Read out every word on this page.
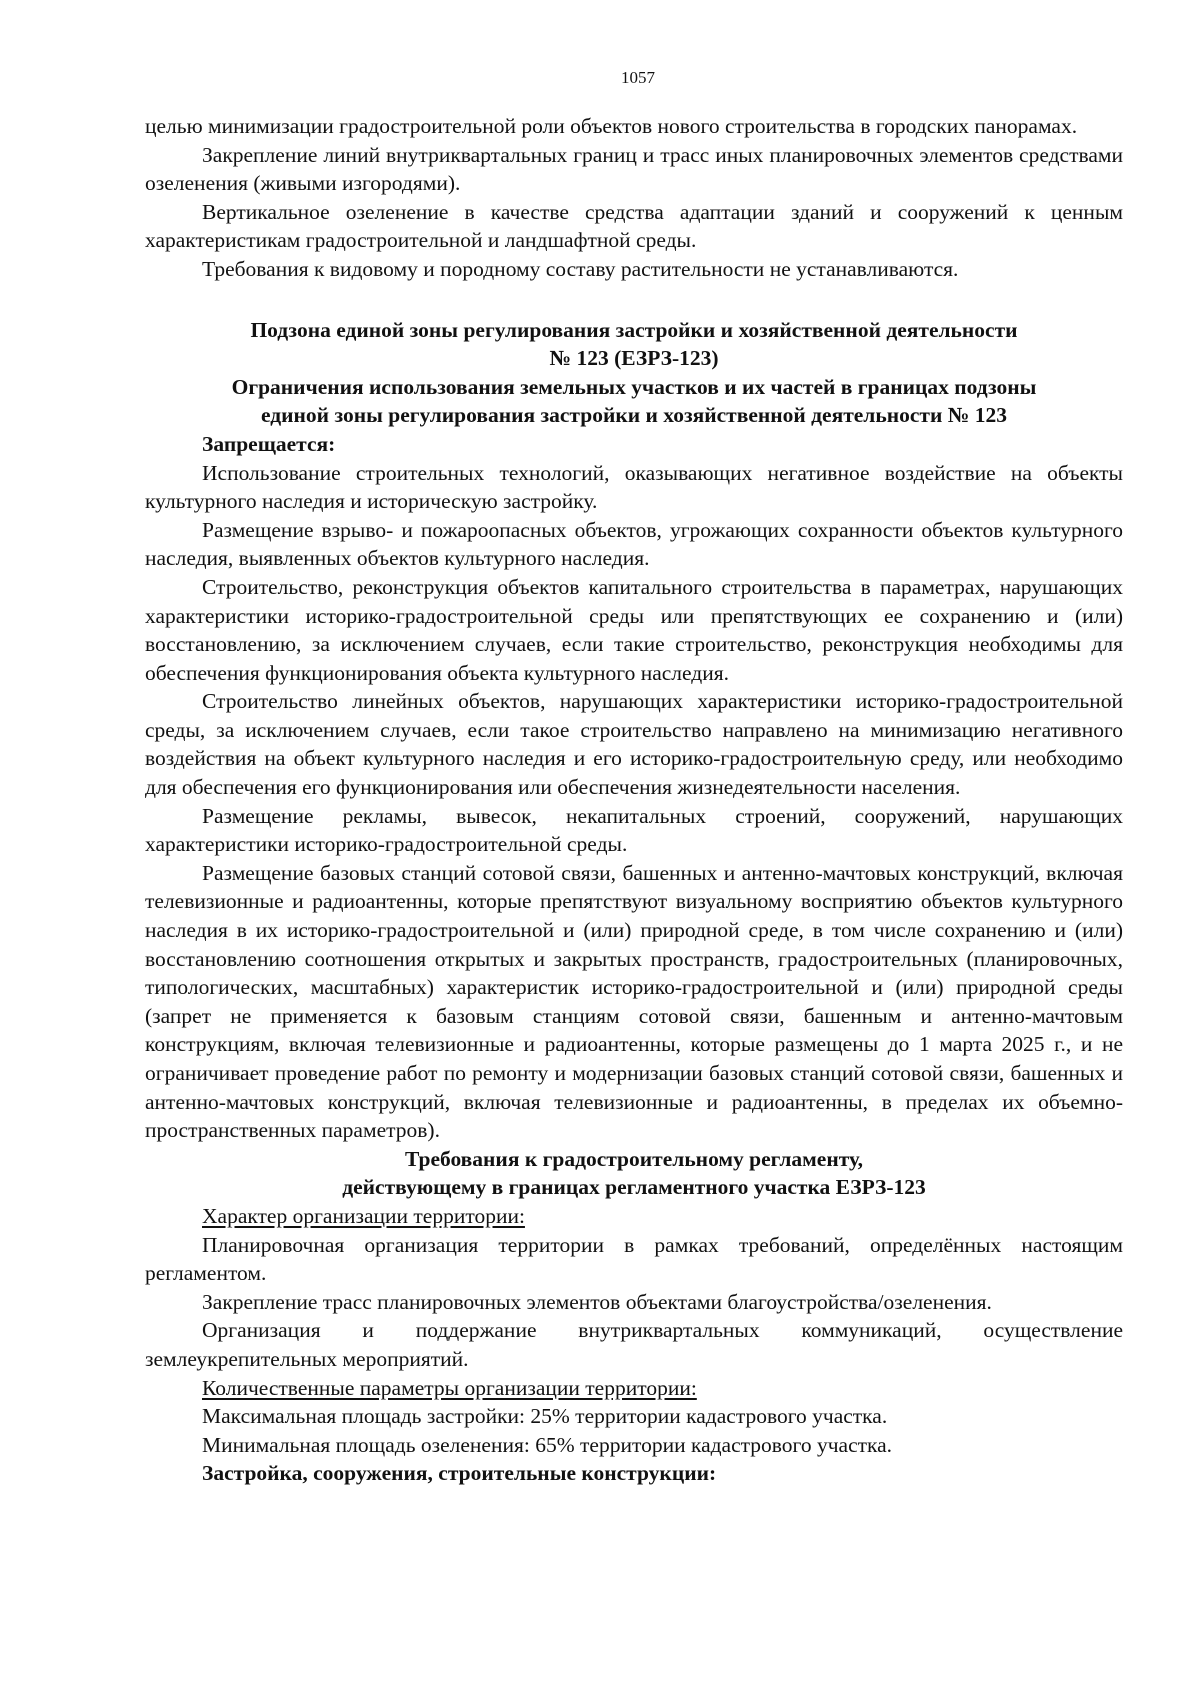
1057

целью минимизации градостроительной роли объектов нового строительства в городских панорамах.

Закрепление линий внутриквартальных границ и трасс иных планировочных элементов средствами озеленения (живыми изгородями).

Вертикальное озеленение в качестве средства адаптации зданий и сооружений к ценным характеристикам градостроительной и ландшафтной среды.

Требования к видовому и породному составу растительности не устанавливаются.

Подзона единой зоны регулирования застройки и хозяйственной деятельности
№ 123 (ЕЗРЗ-123)
Ограничения использования земельных участков и их частей в границах подзоны
единой зоны регулирования застройки и хозяйственной деятельности № 123
Запрещается:

Использование строительных технологий, оказывающих негативное воздействие на объекты культурного наследия и историческую застройку.

Размещение взрыво- и пожароопасных объектов, угрожающих сохранности объектов культурного наследия, выявленных объектов культурного наследия.

Строительство, реконструкция объектов капитального строительства в параметрах, нарушающих характеристики историко-градостроительной среды или препятствующих ее сохранению и (или) восстановлению, за исключением случаев, если такие строительство, реконструкция необходимы для обеспечения функционирования объекта культурного наследия.

Строительство линейных объектов, нарушающих характеристики историко-градостроительной среды, за исключением случаев, если такое строительство направлено на минимизацию негативного воздействия на объект культурного наследия и его историко-градостроительную среду, или необходимо для обеспечения его функционирования или обеспечения жизнедеятельности населения.

Размещение рекламы, вывесок, некапитальных строений, сооружений, нарушающих характеристики историко-градостроительной среды.

Размещение базовых станций сотовой связи, башенных и антенно-мачтовых конструкций, включая телевизионные и радиоантенны, которые препятствуют визуальному восприятию объектов культурного наследия в их историко-градостроительной и (или) природной среде, в том числе сохранению и (или) восстановлению соотношения открытых и закрытых пространств, градостроительных (планировочных, типологических, масштабных) характеристик историко-градостроительной и (или) природной среды (запрет не применяется к базовым станциям сотовой связи, башенным и антенно-мачтовым конструкциям, включая телевизионные и радиоантенны, которые размещены до 1 марта 2025 г., и не ограничивает проведение работ по ремонту и модернизации базовых станций сотовой связи, башенных и антенно-мачтовых конструкций, включая телевизионные и радиоантенны, в пределах их объемно-пространственных параметров).

Требования к градостроительному регламенту,
действующему в границах регламентного участка ЕЗРЗ-123
Характер организации территории:

Планировочная организация территории в рамках требований, определённых настоящим регламентом.

Закрепление трасс планировочных элементов объектами благоустройства/озеленения.

Организация и поддержание внутриквартальных коммуникаций, осуществление землеукрепительных мероприятий.

Количественные параметры организации территории:

Максимальная площадь застройки: 25% территории кадастрового участка.

Минимальная площадь озеленения: 65% территории кадастрового участка.

Застройка, сооружения, строительные конструкции:
